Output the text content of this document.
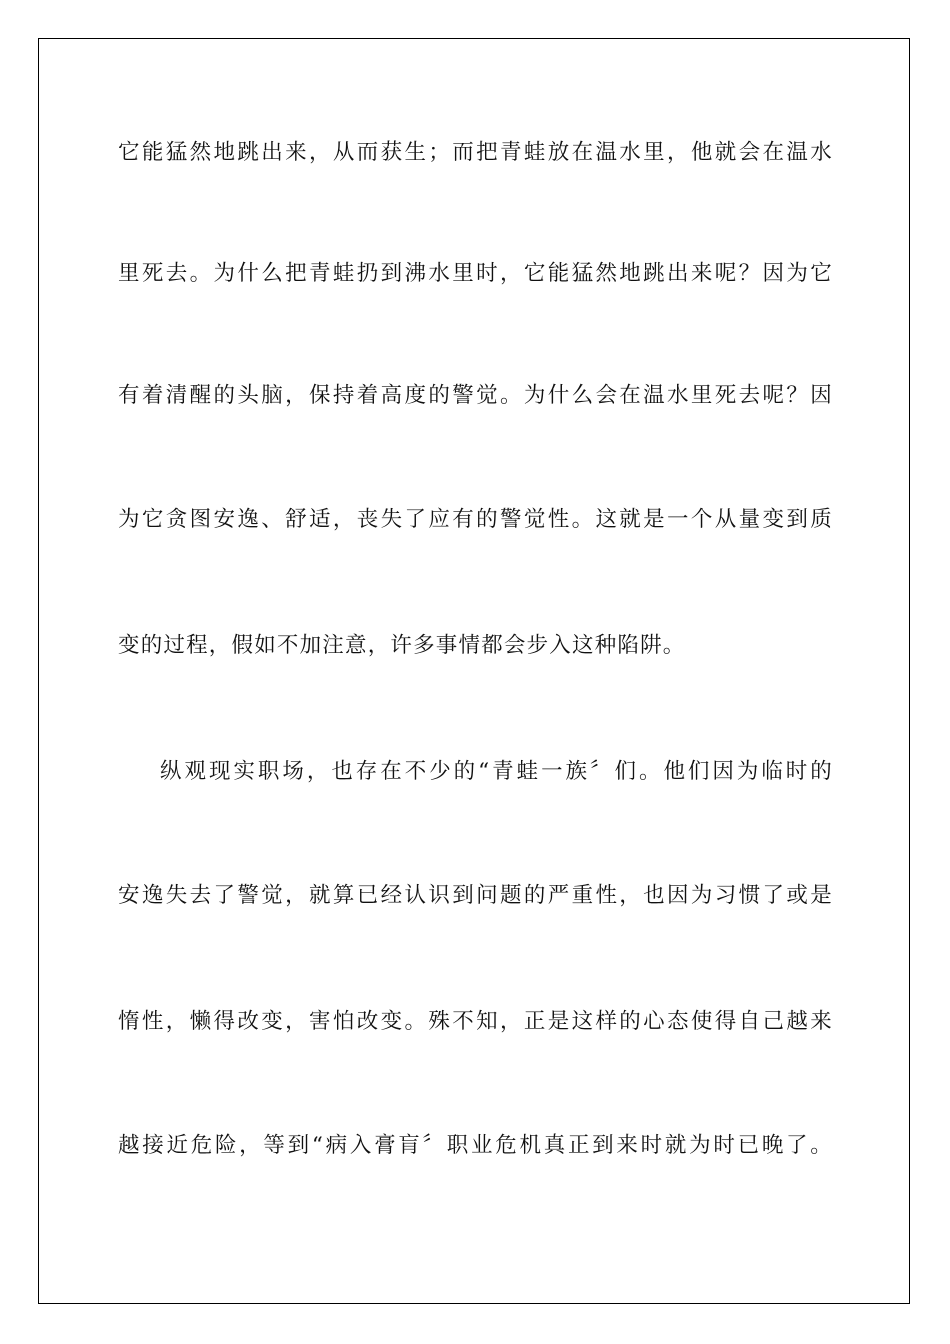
它能猛然地跳出来，从而获生；而把青蛙放在温水里，他就会在温水
里死去。为什么把青蛙扔到沸水里时，它能猛然地跳出来呢？因为它
有着清醒的头脑，保持着高度的警觉。为什么会在温水里死去呢？因
为它贪图安逸、舒适，丧失了应有的警觉性。这就是一个从量变到质
变的过程，假如不加注意，许多事情都会步入这种陷阱。
纵观现实职场，也存在不少的“青蛙一族〞们。他们因为临时的
安逸失去了警觉，就算已经认识到问题的严重性，也因为习惯了或是
惰性，懒得改变，害怕改变。殊不知，正是这样的心态使得自己越来
越接近危险，等到“病入膏肓〞职业危机真正到来时就为时已晚了。
